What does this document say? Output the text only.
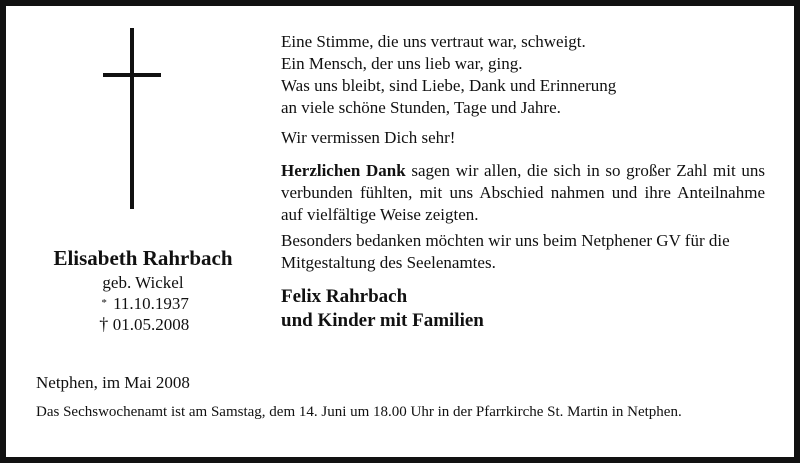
Elisabeth Rahrbach
geb. Wickel
* 11.10.1937
† 01.05.2008

Eine Stimme, die uns vertraut war, schweigt.

Ein Mensch, der uns lieb war, ging.

Was uns bleibt, sind Liebe, Dank und Erinnerung

an viele schöne Stunden, Tage und Jahre.

Wir vermissen Dich sehr!

Herzlichen Dank sagen wir allen, die sich in so großer Zahl mit uns verbunden fühlten, mit uns Abschied nahmen und ihre Anteilnahme auf vielfältige Weise zeigten.

Besonders bedanken möchten wir uns beim Netphener GV für die Mitgestaltung des Seelenamtes.

Felix Rahrbach
und Kinder mit Familien
Netphen, im Mai 2008
Das Sechswochenamt ist am Samstag, dem 14. Juni um 18.00 Uhr in der Pfarrkirche St. Martin in Netphen.
